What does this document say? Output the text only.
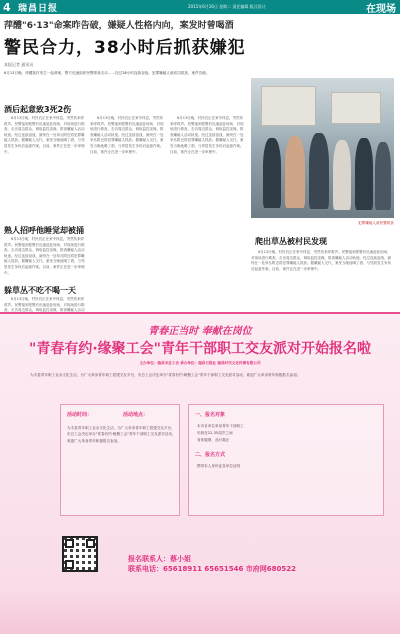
4 瑞昌日报	2015年6月16日 星期二 责任编辑 版式设计	在现场
萍醴"6·13"命案昨告破，嫌疑人性格内向，案发时曾喝酒
警民合力，38小时后抓获嫌犯
本报记者 通讯员
6月13日晚，萍醴某村发生一起命案，警方迅速组织民警排查走访……经过38小时连续奋战，犯罪嫌疑人被成功抓获，案件告破。
犯罪嫌疑人被民警抓获
酒后起意致3死2伤
6月13日晚，村民们正在家中休息，突然传来呼救声。民警接到报警后迅速赶赴现场，对现场进行勘查，走访周边群众，调取监控录像，排查嫌疑人活动轨迹。经过连续奋战，最终在一处草丛附近将犯罪嫌疑人抓获。据嫌疑人交代，案发当晚他喝了酒，与邻居发生争执后起意作案。目前，案件正在进一步审理中。
熟人招呼他睡觉却被捅
6月13日晚，村民们正在家中休息，突然传来呼救声。民警接到报警后迅速赶赴现场，对现场进行勘查，走访周边群众，调取监控录像，排查嫌疑人活动轨迹。经过连续奋战，最终在一处草丛附近将犯罪嫌疑人抓获。据嫌疑人交代，案发当晚他喝了酒，与邻居发生争执后起意作案。目前，案件正在进一步审理中。
躲草丛不吃不喝一天
6月13日晚，村民们正在家中休息，突然传来呼救声。民警接到报警后迅速赶赴现场，对现场进行勘查，走访周边群众，调取监控录像，排查嫌疑人活动
6月13日晚，村民们正在家中休息，突然传来呼救声。民警接到报警后迅速赶赴现场，对现场进行勘查，走访周边群众，调取监控录像，排查嫌疑人活动轨迹。经过连续奋战，最终在一处草丛附近将犯罪嫌疑人抓获。据嫌疑人交代，案发当晚他喝了酒，与邻居发生争执后起意作案。目前，案件正在进一步审理中。
6月13日晚，村民们正在家中休息，突然传来呼救声。民警接到报警后迅速赶赴现场，对现场进行勘查，走访周边群众，调取监控录像，排查嫌疑人活动轨迹。经过连续奋战，最终在一处草丛附近将犯罪嫌疑人抓获。据嫌疑人交代，案发当晚他喝了酒，与邻居发生争执后起意作案。目前，案件正在进一步审理中。
爬出草丛被村民发现
6月13日晚，村民们正在家中休息，突然传来呼救声。民警接到报警后迅速赶赴现场，对现场进行勘查，走访周边群众，调取监控录像，排查嫌疑人活动轨迹。经过连续奋战，最终在一处草丛附近将犯罪嫌疑人抓获。据嫌疑人交代，案发当晚他喝了酒，与邻居发生争执后起意作案。目前，案件正在进一步审理中。
青春正当时 奉献在岗位
"青春有约·缘聚工会"青年干部职工交友派对开始报名啦
主办单位：瑞昌市总工会 承办单位：瑞昌日报社 瑞昌时代文化传媒有限公司
为丰富青年职工业余文化生活，为广大单身青年职工搭建交友平台，市总工会决定举办"青春有约·缘聚工会"青年干部职工交友派对活动，欢迎广大单身青年积极报名参加。
活动时间：	活动地点：
为丰富青年职工业余文化生活，为广大单身青年职工搭建交友平台，市总工会决定举办"青春有约·缘聚工会"青年干部职工交友派对活动，欢迎广大单身青年积极报名参加。
一、报名对象
本市各单位单身青年干部职工
年龄在22-35周岁之间
身体健康，品行端正
二、报名方式
携带本人身份证及单位证明
报名联系人：蔡小姐
联系电话：65618911 65651546 市府网680522
